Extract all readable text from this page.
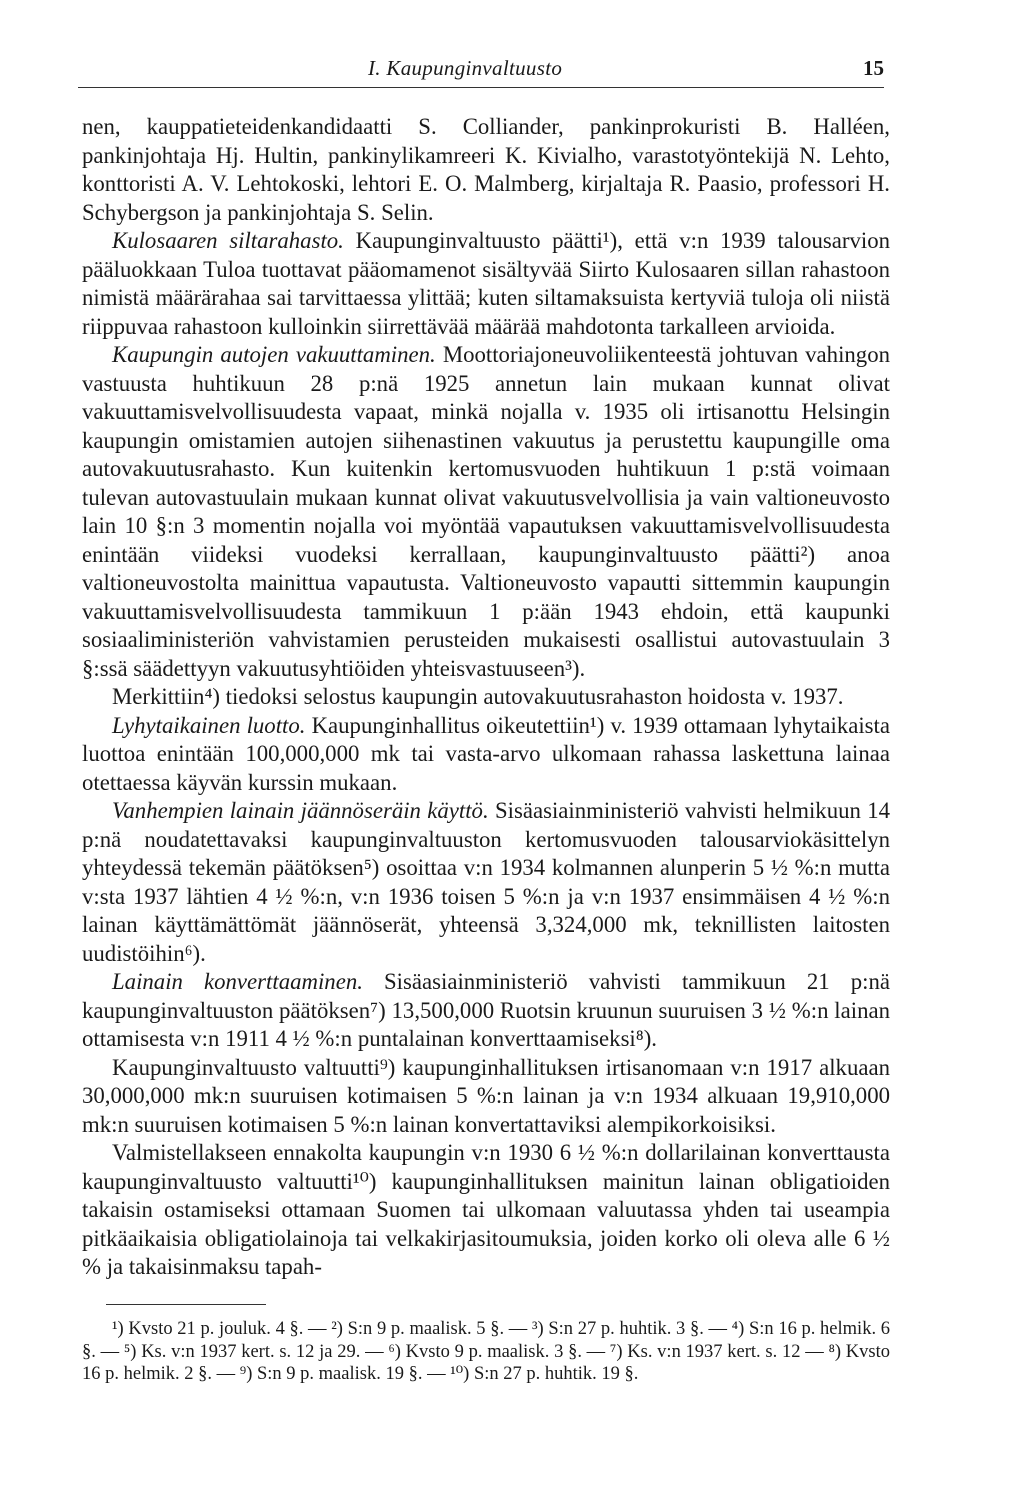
I. Kaupunginvaltuusto	15

nen, kauppatieteidenkandidaatti S. Colliander, pankinprokuristi B. Halléen, pankinjohtaja Hj. Hultin, pankinylikamreeri K. Kivialho, varastotyöntekijä N. Lehto, konttoristi A. V. Lehtokoski, lehtori E. O. Malmberg, kirjaltaja R. Paasio, professori H. Schybergson ja pankinjohtaja S. Selin.

Kulosaaren siltarahasto. Kaupunginvaltuusto päätti¹), että v:n 1939 talousarvion pääluokkaan Tuloa tuottavat pääomamenot sisältyvää Siirto Kulosaaren sillan rahastoon nimistä määrärahaa sai tarvittaessa ylittää; kuten siltamaksuista kertyviä tuloja oli niistä riippuvaa rahastoon kulloinkin siirrettävää määrää mahdotonta tarkalleen arvioida.

Kaupungin autojen vakuuttaminen. Moottoriajoneuvoliikenteestä johtuvan vahingon vastuusta huhtikuun 28 p:nä 1925 annetun lain mukaan kunnat olivat vakuuttamisvelvollisuudesta vapaat, minkä nojalla v. 1935 oli irtisanottu Helsingin kaupungin omistamien autojen siihenastinen vakuutus ja perustettu kaupungille oma autovakuutusrahasto. Kun kuitenkin kertomusvuoden huhtikuun 1 p:stä voimaan tulevan autovastuulain mukaan kunnat olivat vakuutusvelvollisia ja vain valtioneuvosto lain 10 §:n 3 momentin nojalla voi myöntää vapautuksen vakuuttamisvelvollisuudesta enintään viideksi vuodeksi kerrallaan, kaupunginvaltuusto päätti²) anoa valtioneuvostolta mainittua vapautusta. Valtioneuvosto vapautti sittemmin kaupungin vakuuttamisvelvollisuudesta tammikuun 1 p:ään 1943 ehdoin, että kaupunki sosiaaliministeriön vahvistamien perusteiden mukaisesti osallistui autovastuulain 3 §:ssä säädettyyn vakuutusyhtiöiden yhteisvastuuseen³).

Merkittiin⁴) tiedoksi selostus kaupungin autovakuutusrahaston hoidosta v. 1937.

Lyhytaikainen luotto. Kaupunginhallitus oikeutettiin¹) v. 1939 ottamaan lyhytaikaista luottoa enintään 100,000,000 mk tai vasta-arvo ulkomaan rahassa laskettuna lainaa otettaessa käyvän kurssin mukaan.

Vanhempien lainain jäännöseräin käyttö. Sisäasiainministeriö vahvisti helmikuun 14 p:nä noudatettavaksi kaupunginvaltuuston kertomusvuoden talousarviokäsittelyn yhteydessä tekemän päätöksen⁵) osoittaa v:n 1934 kolmannen alunperin 5 ½ %:n mutta v:sta 1937 lähtien 4 ½ %:n, v:n 1936 toisen 5 %:n ja v:n 1937 ensimmäisen 4 ½ %:n lainan käyttämättömät jäännöserät, yhteensä 3,324,000 mk, teknillisten laitosten uudistöihin⁶).

Lainain konverttaaminen. Sisäasiainministeriö vahvisti tammikuun 21 p:nä kaupunginvaltuuston päätöksen⁷) 13,500,000 Ruotsin kruunun suuruisen 3 ½ %:n lainan ottamisesta v:n 1911 4 ½ %:n puntalainan konverttaamiseksi⁸).

Kaupunginvaltuusto valtuutti⁹) kaupunginhallituksen irtisanomaan v:n 1917 alkuaan 30,000,000 mk:n suuruisen kotimaisen 5 %:n lainan ja v:n 1934 alkuaan 19,910,000 mk:n suuruisen kotimaisen 5 %:n lainan konvertattaviksi alempikorkoisiksi.

Valmistellakseen ennakolta kaupungin v:n 1930 6 ½ %:n dollarilainan konverttausta kaupunginvaltuusto valtuutti¹⁰) kaupunginhallituksen mainitun lainan obligatioiden takaisin ostamiseksi ottamaan Suomen tai ulkomaan valuutassa yhden tai useampia pitkäaikaisia obligatiolainoja tai velkakirjasitoumuksia, joiden korko oli oleva alle 6 ½ % ja takaisinmaksu tapah-

¹) Kvsto 21 p. jouluk. 4 §. — ²) S:n 9 p. maalisk. 5 §. — ³) S:n 27 p. huhtik. 3 §. — ⁴) S:n 16 p. helmik. 6 §. — ⁵) Ks. v:n 1937 kert. s. 12 ja 29. — ⁶) Kvsto 9 p. maalisk. 3 §. — ⁷) Ks. v:n 1937 kert. s. 12 — ⁸) Kvsto 16 p. helmik. 2 §. — ⁹) S:n 9 p. maalisk. 19 §. — ¹⁰) S:n 27 p. huhtik. 19 §.
